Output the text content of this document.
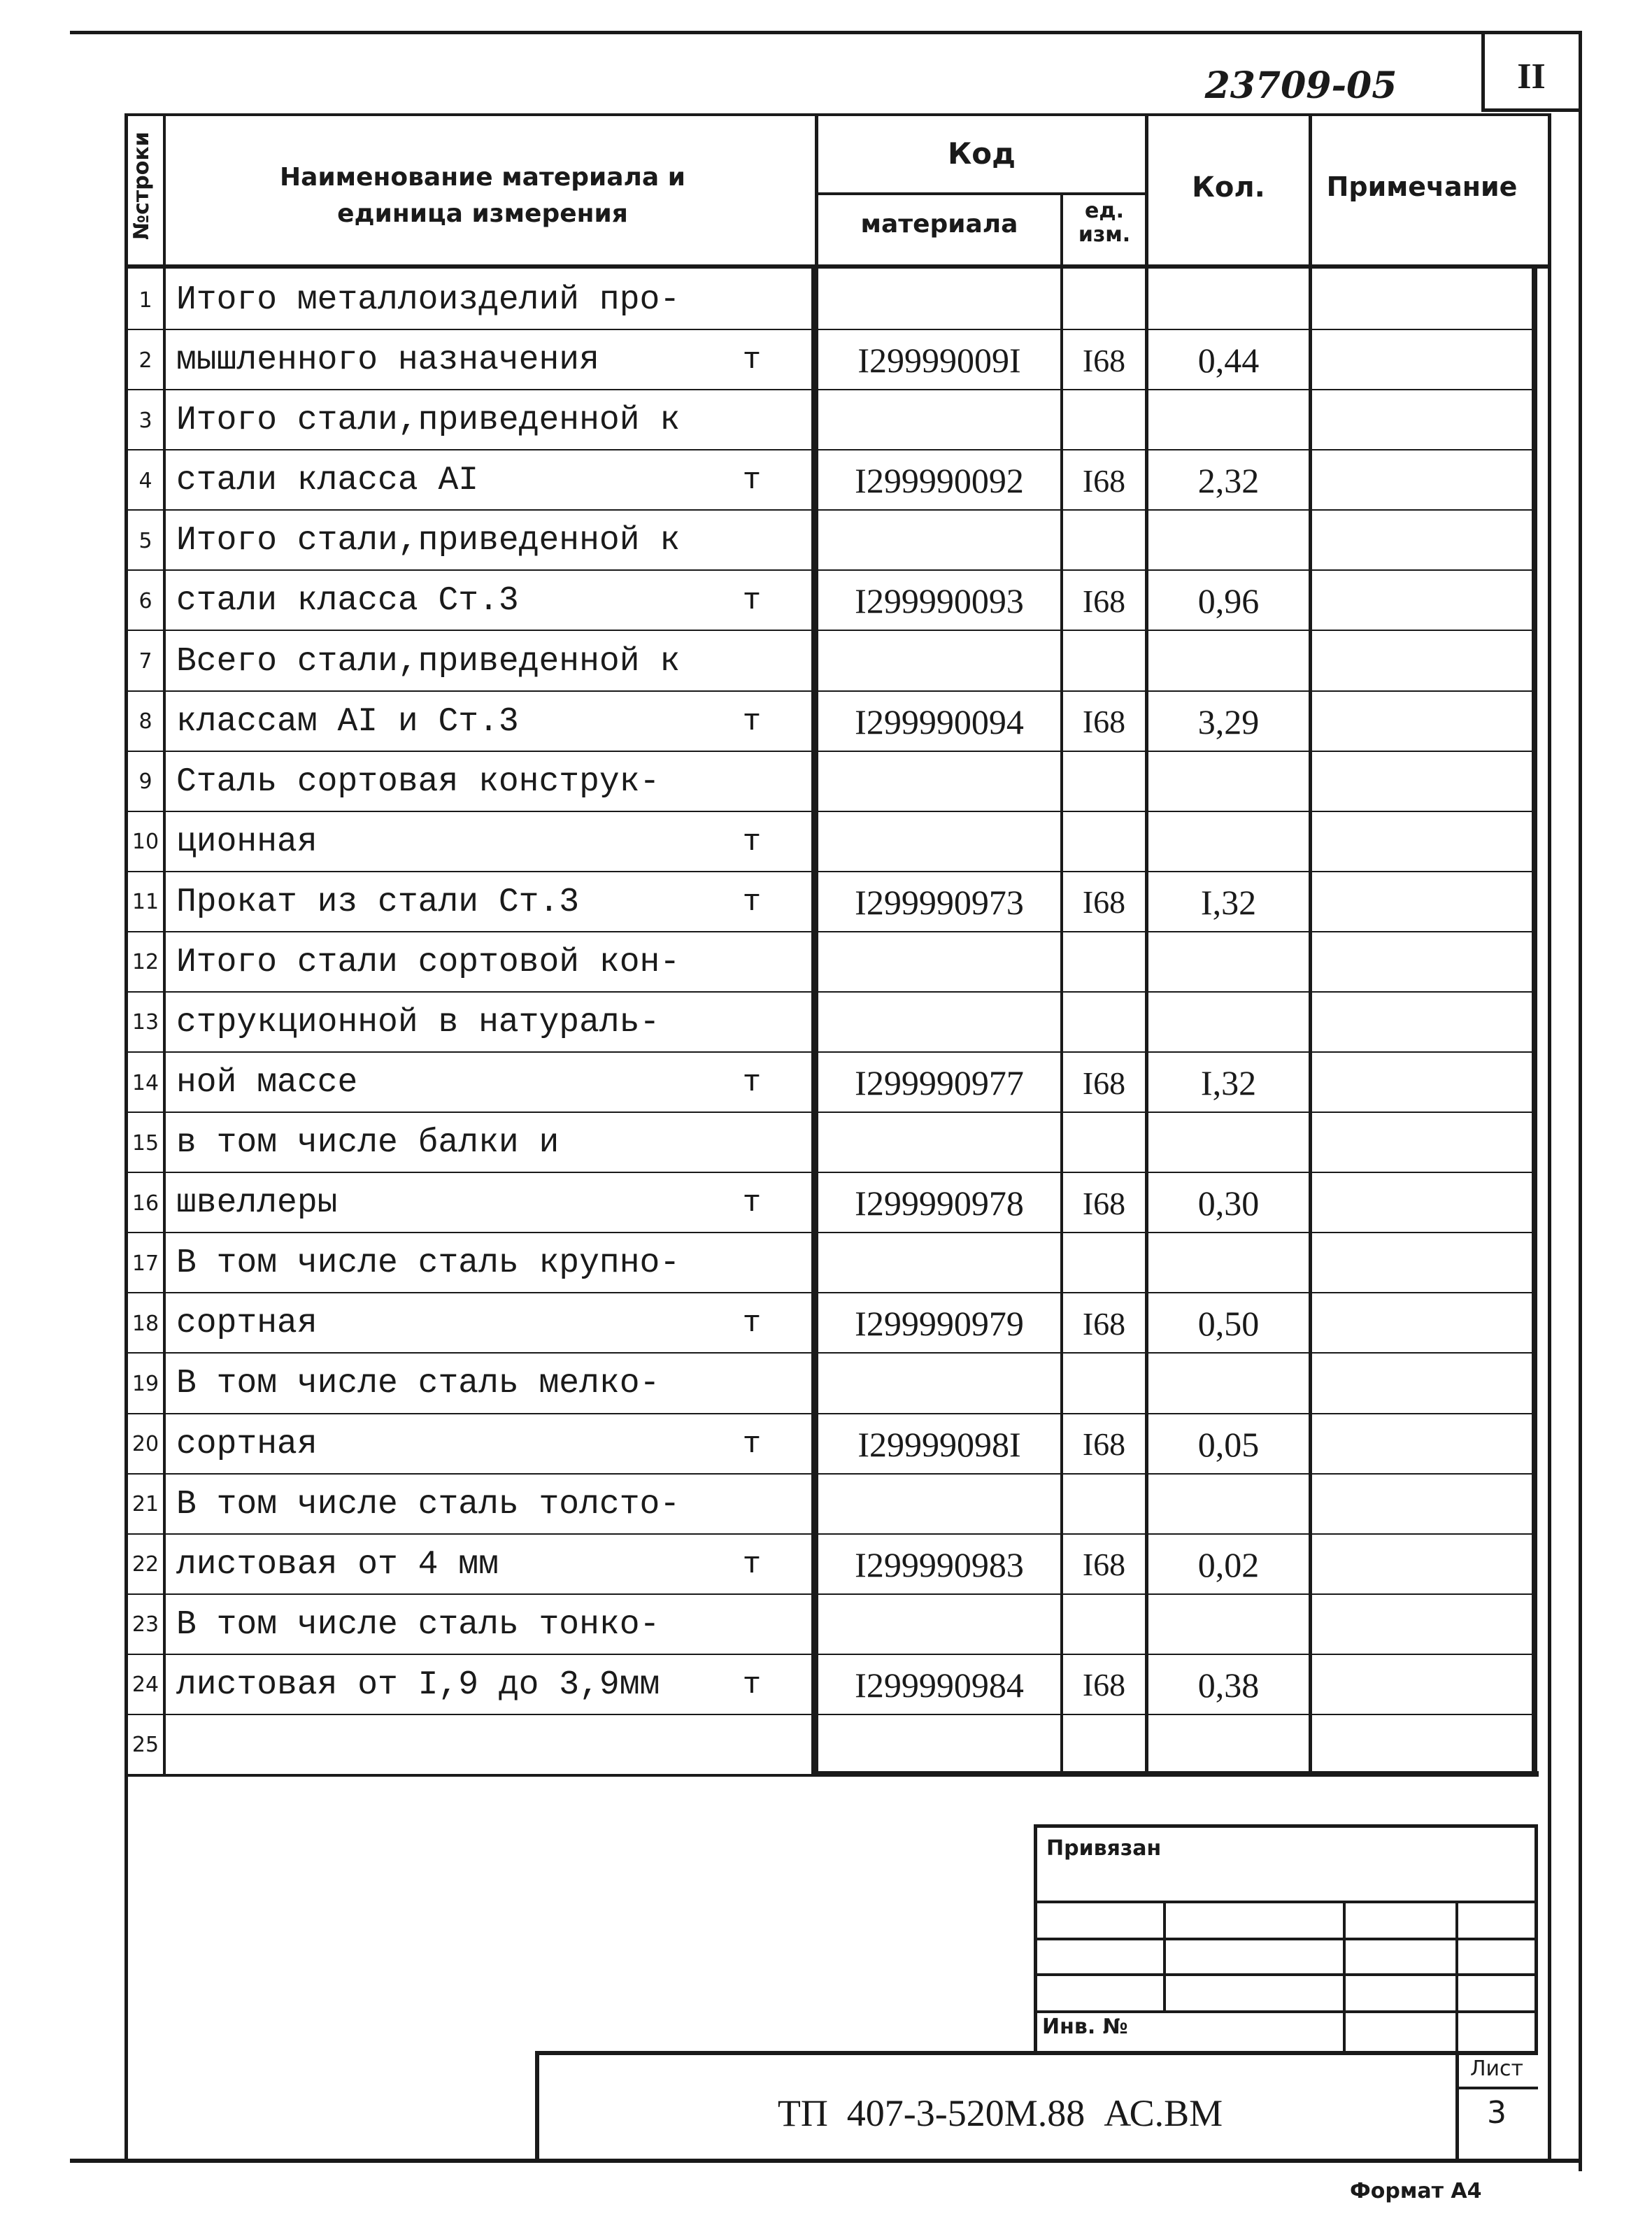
23709-05	II
№строки	Наименование материала и единица измерения
Код
материала	ед. изм.
Кол.	Примечание
1 Итого металлоизделий про-
2 мышленного назначения	т	I29999009I	I68	0,44
3 Итого стали,приведенной к
4 стали класса AI	т	I299990092	I68	2,32
5 Итого стали,приведенной к
6 стали класса Ст.3	т	I299990093	I68	0,96
7 Всего стали,приведенной к
8 классам AI и Ст.3	т	I299990094	I68	3,29
9 Сталь сортовая конструк-
10 ционная	т
11 Прокат из стали Ст.3	т	I299990973	I68	I,32
12 Итого стали сортовой кон-
13 струкционной в натураль-
14 ной массе	т	I299990977	I68	I,32
15 в том числе балки и
16 швеллеры	т	I299990978	I68	0,30
17 В том числе сталь крупно-
18 сортная	т	I299990979	I68	0,50
19 В том числе сталь мелко-
20 сортная	т	I29999098I	I68	0,05
21 В том числе сталь толсто-
22 листовая от 4 мм	т	I299990983	I68	0,02
23 В том числе сталь тонко-
24 листовая от I,9 до 3,9мм	т	I299990984	I68	0,38
25
Привязан
Инв. №
ТП  407-3-520М.88  АС.ВМ
Лист
3
Формат А4
